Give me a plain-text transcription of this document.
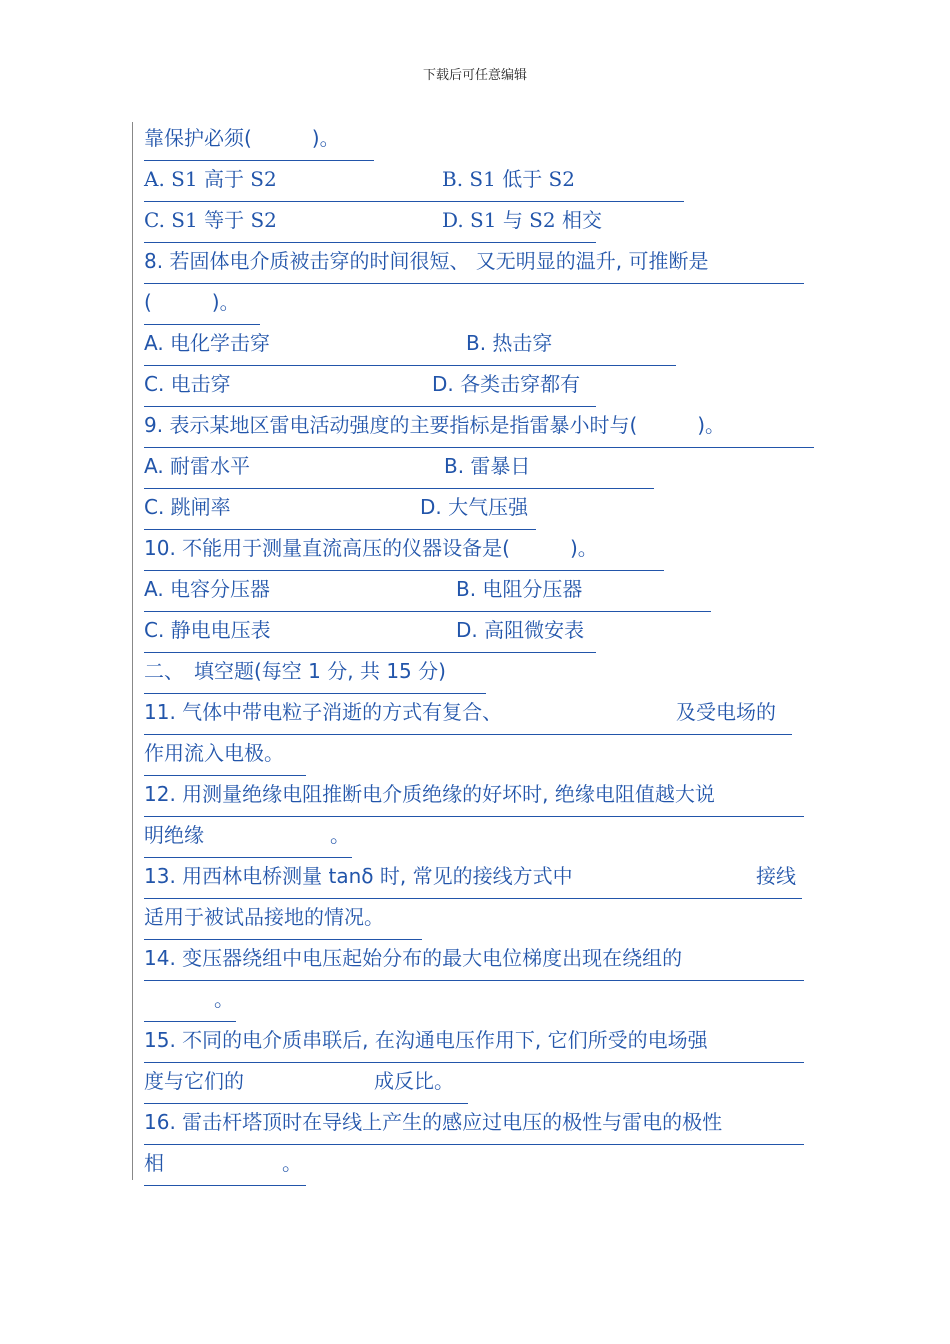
下载后可任意编辑
靠保护必须(　　　)。
A. S1 高于 S2	B. S1 低于 S2
C. S1 等于 S2	D. S1 与 S2 相交
8. 若固体电介质被击穿的时间很短、 又无明显的温升, 可推断是
(　　　)。
A. 电化学击穿	B. 热击穿
C. 电击穿	D. 各类击穿都有
9. 表示某地区雷电活动强度的主要指标是指雷暴小时与(　　　)。
A. 耐雷水平	B. 雷暴日
C. 跳闸率	D. 大气压强
10. 不能用于测量直流高压的仪器设备是(　　　)。
A. 电容分压器	B. 电阻分压器
C. 静电电压表	D. 高阻微安表
二、　填空题(每空 1 分, 共 15 分)
11. 气体中带电粒子消逝的方式有复合、	及受电场的
作用流入电极。
12. 用测量绝缘电阻推断电介质绝缘的好坏时, 绝缘电阻值越大说
明绝缘	。
13. 用西林电桥测量 tanδ 时, 常见的接线方式中	接线
适用于被试品接地的情况。
14. 变压器绕组中电压起始分布的最大电位梯度出现在绕组的
。
15. 不同的电介质串联后, 在沟通电压作用下, 它们所受的电场强
度与它们的	成反比。
16. 雷击杆塔顶时在导线上产生的感应过电压的极性与雷电的极性
相	。
